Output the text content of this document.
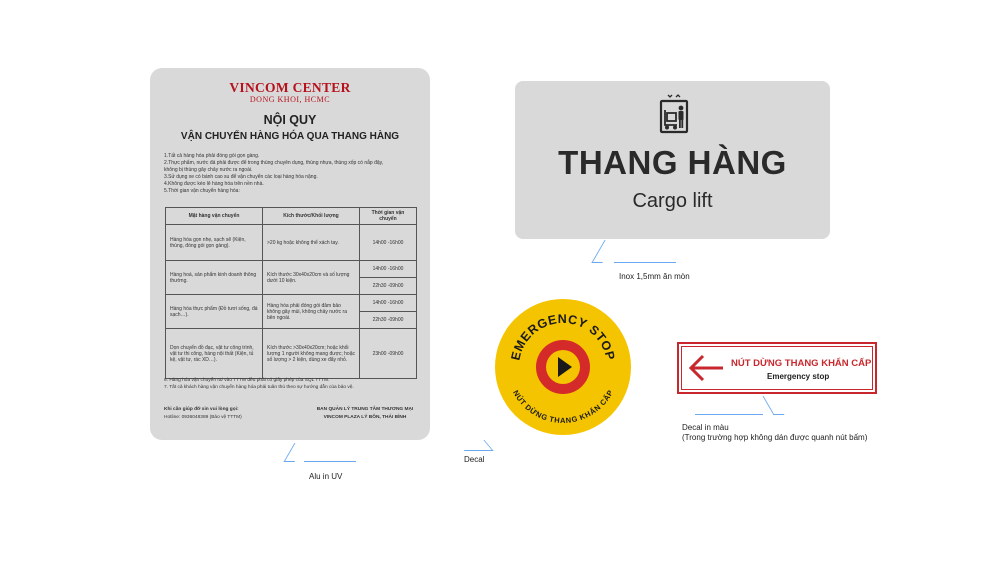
VINCOM CENTER
DONG KHOI, HCMC
NỘI QUY
VẬN CHUYỂN HÀNG HÓA QUA THANG HÀNG
1.Tất cả hàng hóa phải đóng gói gọn gàng.
2.Thực phẩm, nước đá phải được để trong thùng chuyên dụng, thùng nhựa, thùng xốp có nắp đậy,
không bị thùng gây chảy nước ra ngoài.
3.Sử dụng xe có bánh cao su để vận chuyển các loại hàng hóa nặng.
4.Không được kéo lê hàng hóa trên nền nhà.
5.Thời gian vận chuyển hàng hóa:
Mặt hàng vận chuyển	Kích thước/Khối lượng	Thời gian vận chuyển
Hàng hóa gọn nhẹ, sạch sẽ (Kiện, thùng, đóng gói gọn gàng).	>20 kg hoặc không thể xách tay.	14h00 -16h00
Hàng hoá, sản phẩm kinh doanh thông thường.	Kích thước 30x40x20cm và số lượng dưới 10 kiện.	14h00 -16h00
		22h30 -09h00
Hàng hóa thực phẩm (Đồ tươi sống, đá sạch…).	Hàng hóa phải đóng gói đảm bảo không gây mùi, không chảy nước ra bên ngoài.	14h00 -16h00
		22h30 -09h00
Dọn chuyển đồ đạc, vật tư công trình, vật tư thi công, hàng nội thất (Kiện, tủ kệ, vật tư, rác XD…).	Kích thước >30x40x20cm; hoặc khối lượng 1 người không mang được; hoặc số lượng > 2 kiện, dùng xe đẩy nhỏ.	23h00 -09h00
6. Hàng hóa vận chuyển ra/ vào TTTM đều phải có giấy phép của SQL TTTM.
7. Tất cả khách hàng vận chuyển hàng hóa phải tuân thủ theo sự hướng dẫn của bảo vệ.
Khi cần giúp đỡ xin vui lòng gọi:
Hotline: 0936048389 (Bảo vệ TTTM)
BAN QUẢN LÝ TRUNG TÂM THƯƠNG MẠI
VINCOM PLAZA LÝ BÔN, THÁI BÌNH
Alu in UV
THANG HÀNG
Cargo lift
Inox 1,5mm ăn mòn
EMERGENCY STOP
NÚT DỪNG THANG KHẨN CẤP
Decal
NÚT DỪNG THANG KHẨN CẤP
Emergency stop
Decal in màu
(Trong trường hợp không dán được quanh nút bấm)
